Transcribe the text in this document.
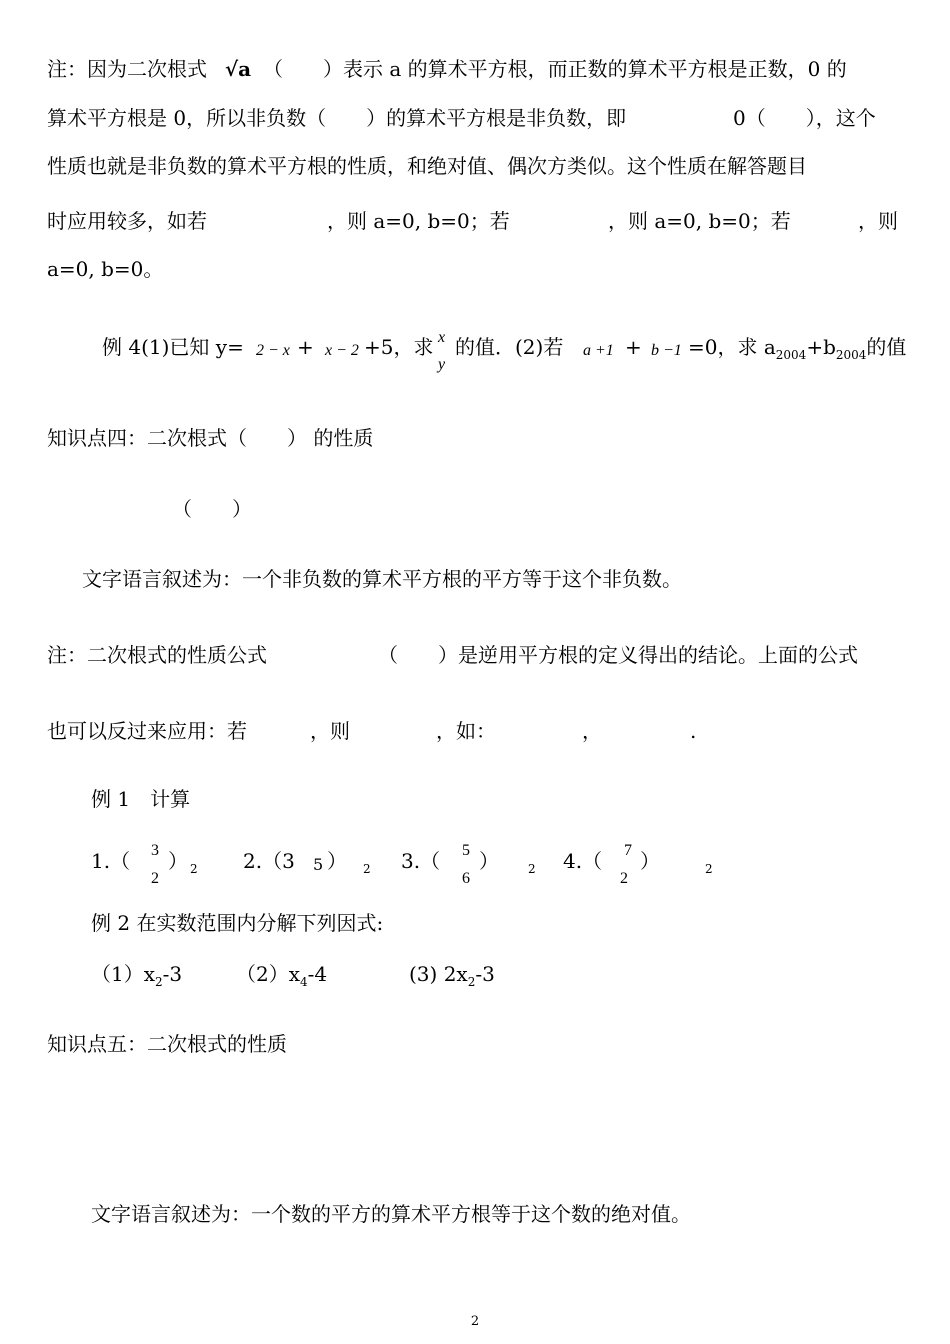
注：因为二次根式 √a （　　）表示 a 的算术平方根，而正数的算术平方根是正数，0 的
算术平方根是 0，所以非负数（　　）的算术平方根是非负数，即	0（　　），这个
性质也就是非负数的算术平方根的性质，和绝对值、偶次方类似。这个性质在解答题目
时应用较多，如若	，则 a=0, b=0；若	，则 a=0, b=0；若	，则
a=0, b=0。
例 4(1)已知 y= 2 − x + x − 2 +5，求 x
y
的值．(2)若 a +1 + b −1 =0，求 $a_{2004}+b_{2004}$的值
知识点四：二次根式（　　） 的性质
（　　）
文字语言叙述为：一个非负数的算术平方根的平方等于这个非负数。
注：二次根式的性质公式	（　　）是逆用平方根的定义得出的结论。上面的公式
也可以反过来应用：若	，则	，如：	，	.
例 1　计算
1.（ 3
2
） $_2$ 2.（3 5 ） $_2$ 3.（ 5
6
） $_2$ 4.（ 7
2
）	$_2$
例 2 在实数范围内分解下列因式:
$(1)x_2-3$	$(2)x_4-4$	(3) $2x_2-3$
知识点五：二次根式的性质
文字语言叙述为：一个数的平方的算术平方根等于这个数的绝对值。
2
